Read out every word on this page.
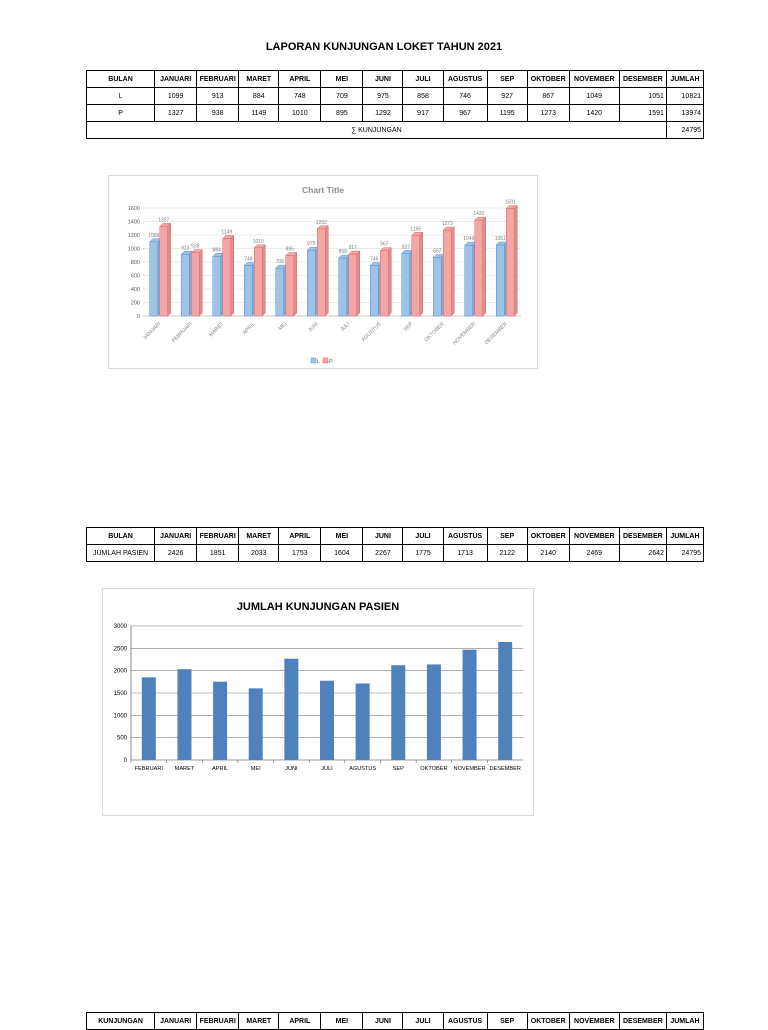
LAPORAN KUNJUNGAN LOKET TAHUN 2021
BULAN	JANUARI	FEBRUARI	MARET	APRIL	MEI	JUNI	JULI	AGUSTUS	SEP	OKTOBER	NOVEMBER	DESEMBER	JUMLAH
L	1099	913	884	748	709	975	858	746	927	867	1049	1051	10821
P	1327	938	1149	1010	895	1292	917	967	1195	1273	1420	1591	13974
∑ KUNJUNGAN													24795
Chart Title
0
200
400
600
800
1000
1200
1400
1600
1099
1327
JANUARI
913 938
FEBRUARI
884
1149
MARET
748
1010
APRIL
709
895
MEI
975
1292
JUNI
858
917
JULI
746
967
AGUSTUS
927
1195
SEP
867
1273
OKTOBER
1049
1420
NOVEMBER
1051
1591
DESEMBER
L P
BULAN	JANUARI	FEBRUARI	MARET	APRIL	MEI	JUNI	JULI	AGUSTUS	SEP	OKTOBER	NOVEMBER	DESEMBER	JUMLAH
JUMLAH PASIEN	2426	1851	2033	1753	1604	2267	1775	1713	2122	2140	2469	2642	24795
JUMLAH KUNJUNGAN PASIEN
0
500
1000
1500
2000
2500
3000
FEBRUARI MARET	APRIL	MEI	JUNI	JULI	AGUSTUS	SEP	OKTOBER NOVEMBER DESEMBER
KUNJUNGAN	JANUARI	FEBRUARI	MARET	APRIL	MEI	JUNI	JULI	AGUSTUS	SEP	OKTOBER	NOVEMBER	DESEMBER	JUMLAH
